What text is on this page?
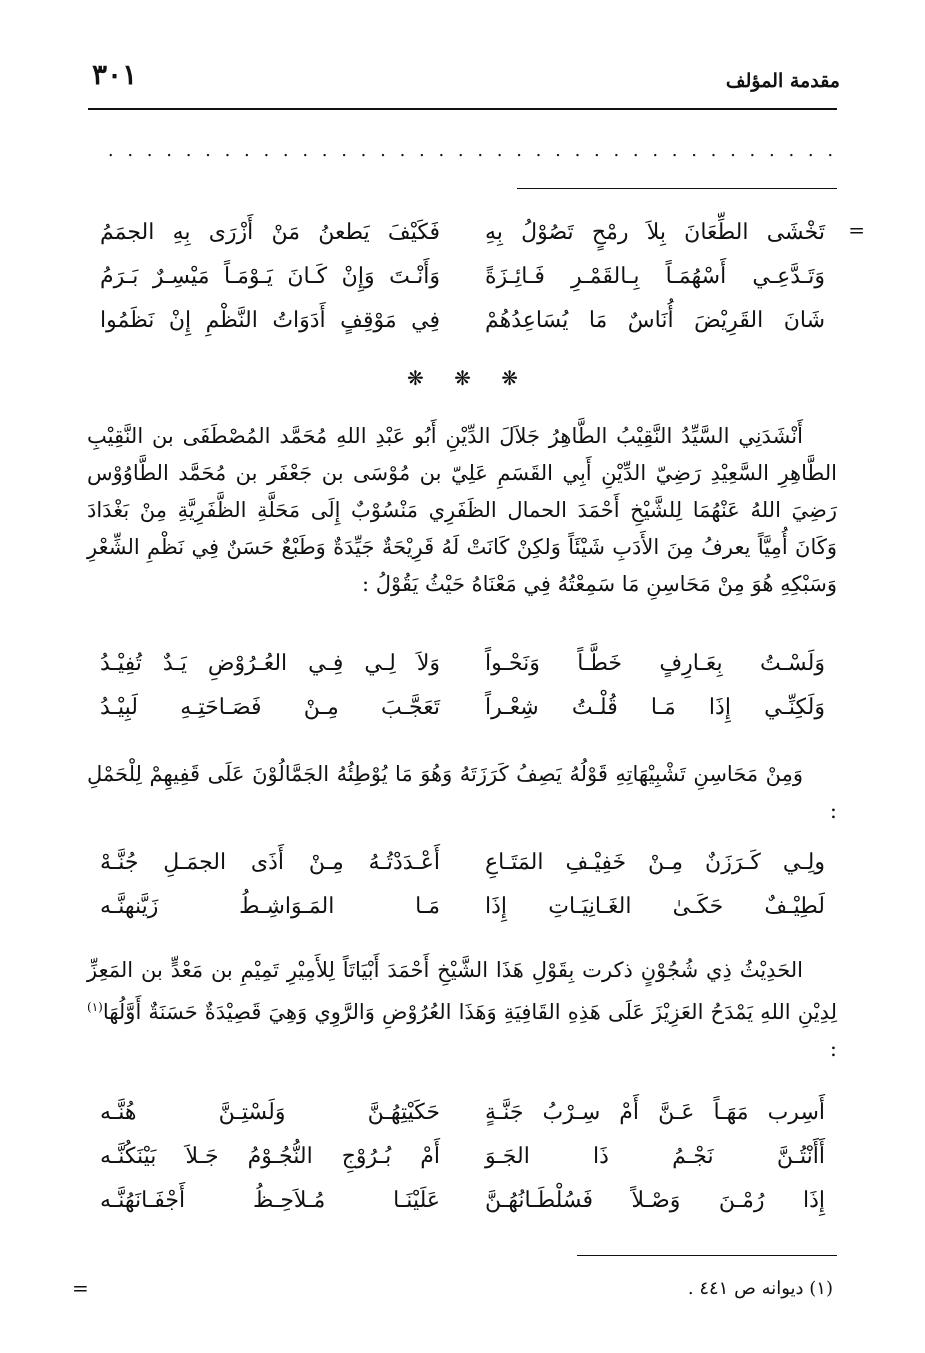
مقدمة المؤلف
٣٠١
. . . . . . . . . . . . . . . . . . . . . . . . . . . . . . . . . . . . . .
=
تَخْشَى الطِّعَانَ بِلاَ رمْحٍ تَصُوْلُ بِهِ
فَكَيْفَ يَطعنُ مَنْ أَزْرَى بِهِ الجمَمُ
وَتَـدَّعِـي أَسْهُمَـاً بِـالقَمْـرِ فَـائِـزَةً
وَأَنْـتَ وَإِنْ كَـانَ يَـوْمَـاً مَيْسِـرٌ بَـرَمُ
شَانَ القَرِيْضَ أُنَاسٌ مَا يُسَاعِدُهُمْ
فِي مَوْقِفٍ أَدَوَاتُ النَّظْمِ إِنْ نَظَمُوا
❋ ❋ ❋
أَنْشَدَنِي السَّيِّدُ النَّقِيْبُ الطَّاهِرُ جَلاَلَ الدِّيْنِ أَبُو عَبْدِ اللهِ مُحَمَّد المُصْطَفَى بن النَّقِيْبِ الطَّاهِرِ السَّعِيْدِ رَضِيّ الدِّيْنِ أَبِي القَسَمِ عَلِيّ بن مُوْسَى بن جَعْفَر بن مُحَمَّد الطَّاوُوْس رَضِيَ اللهُ عَنْهُمَا لِلشَّيْخِ أَحْمَدَ الحمال الظَفَرِي مَنْسُوْبٌ إِلَى مَحَلَّةِ الظَّفَرِيَّةِ مِنْ بَغْدَادَ وَكَانَ أُمِيَّاً يعرفُ مِنَ الأَدَبِ شَيْئَاً وَلكِنْ كَانَتْ لَهُ قَرِيْحَةٌ جَيِّدَةٌ وَطَبْعٌ حَسَنٌ فِي نَظْمِ الشِّعْرِ وَسَبْكِهِ هُوَ مِنْ مَحَاسِنِ مَا سَمِعْتُهُ فِي مَعْنَاهُ حَيْثُ يَقُوْلُ :
وَلَسْـتُ بِعَـارِفٍ خَطَّـاً وَنَحْـواً
وَلاَ لِـي فِـي العُـرُوْضِ يَـدٌ تُفِيْـدُ
وَلَكِنِّـي إِذَا مَـا قُلْـتُ شِعْـراً
تَعَجَّـبَ مِـنْ فَصَـاحَتِـهِ لَبِيْـدُ
وَمِنْ مَحَاسِنِ تَشْبِيْهَاتِهِ قَوْلُهُ يَصِفُ كَرَزَتَهُ وَهُوَ مَا يُوْطِئُهُ الجَمَّالُوْنَ عَلَى قَفِيهِمْ لِلْحَمْلِ :
ولِـي كَـرَزَنٌ مِـنْ خَفِيْـفِ المَتَـاعِ
أَعْـدَدْتُـهُ مِـنْ أَذَى الجمَـلِ جُنَّـهْ
لَطِيْـفٌ حَكَـىٰ الغَـانِيَـاتِ إِذَا
مَـا المَـوَاشِـطُ زَيَّنهنَّـه
الحَدِيْثُ ذِي شُجُوْنٍ ذكرت بِقَوْلِ هَذَا الشَّيْخِ أَحْمَدَ أَبْيَاتَاً لِلأَمِيْرِ تَمِيْمِ بن مَعْدٍّ بن المَعِزِّ لِدِيْنِ اللهِ يَمْدَحُ العَزِيْزَ عَلَى هَذِهِ القَافِيَةِ وَهَذَا العُرُوْضِ وَالرَّوِي وَهِيَ قَصِيْدَةٌ حَسَنَةٌ أَوَّلُهَا$^{(١)}$ :
أَسِرب مَهَـاً عَـنَّ أَمْ سِـرْبُ جَنَّـةٍ
حَكَيْتِهُـنَّ وَلَسْتِـنَّ هُنَّـه
أَأَنْتُـنَّ نَجْـمُ ذَا الجَـوَ
أَمْ بُـرُوْجِ النُّجُـوْمُ جَـلاَ بَيْنَكُنَّـه
إِذَا رُمْـنَ وَصْـلاً فَسُلْطَـانُهُـنَّ
عَلَيْنَـا مُـلاَحِـظُ أَجْفَـانَهُنَّـه
(١) ديوانه ص ٤٤١ .
=
